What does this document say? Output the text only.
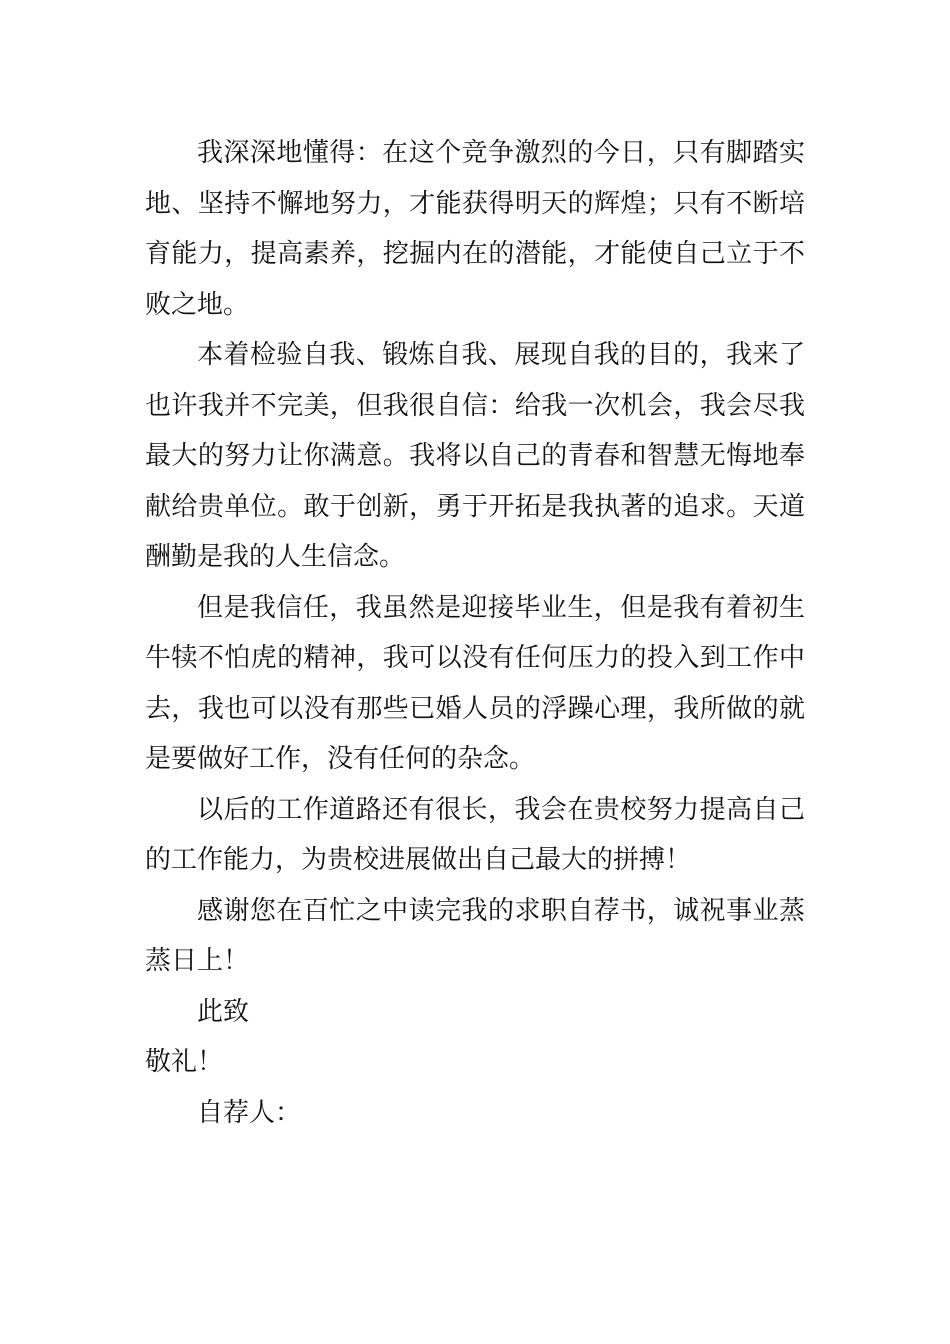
我深深地懂得：在这个竞争激烈的今日，只有脚踏实地、坚持不懈地努力，才能获得明天的辉煌；只有不断培育能力，提高素养，挖掘内在的潜能，才能使自己立于不败之地。

本着检验自我、锻炼自我、展现自我的目的，我来了也许我并不完美，但我很自信：给我一次机会，我会尽我最大的努力让你满意。我将以自己的青春和智慧无悔地奉献给贵单位。敢于创新，勇于开拓是我执著的追求。天道酬勤是我的人生信念。

但是我信任，我虽然是迎接毕业生，但是我有着初生牛犊不怕虎的精神，我可以没有任何压力的投入到工作中去，我也可以没有那些已婚人员的浮躁心理，我所做的就是要做好工作，没有任何的杂念。

以后的工作道路还有很长，我会在贵校努力提高自己的工作能力，为贵校进展做出自己最大的拼搏！

感谢您在百忙之中读完我的求职自荐书，诚祝事业蒸蒸日上！

此致

敬礼！

自荐人：
